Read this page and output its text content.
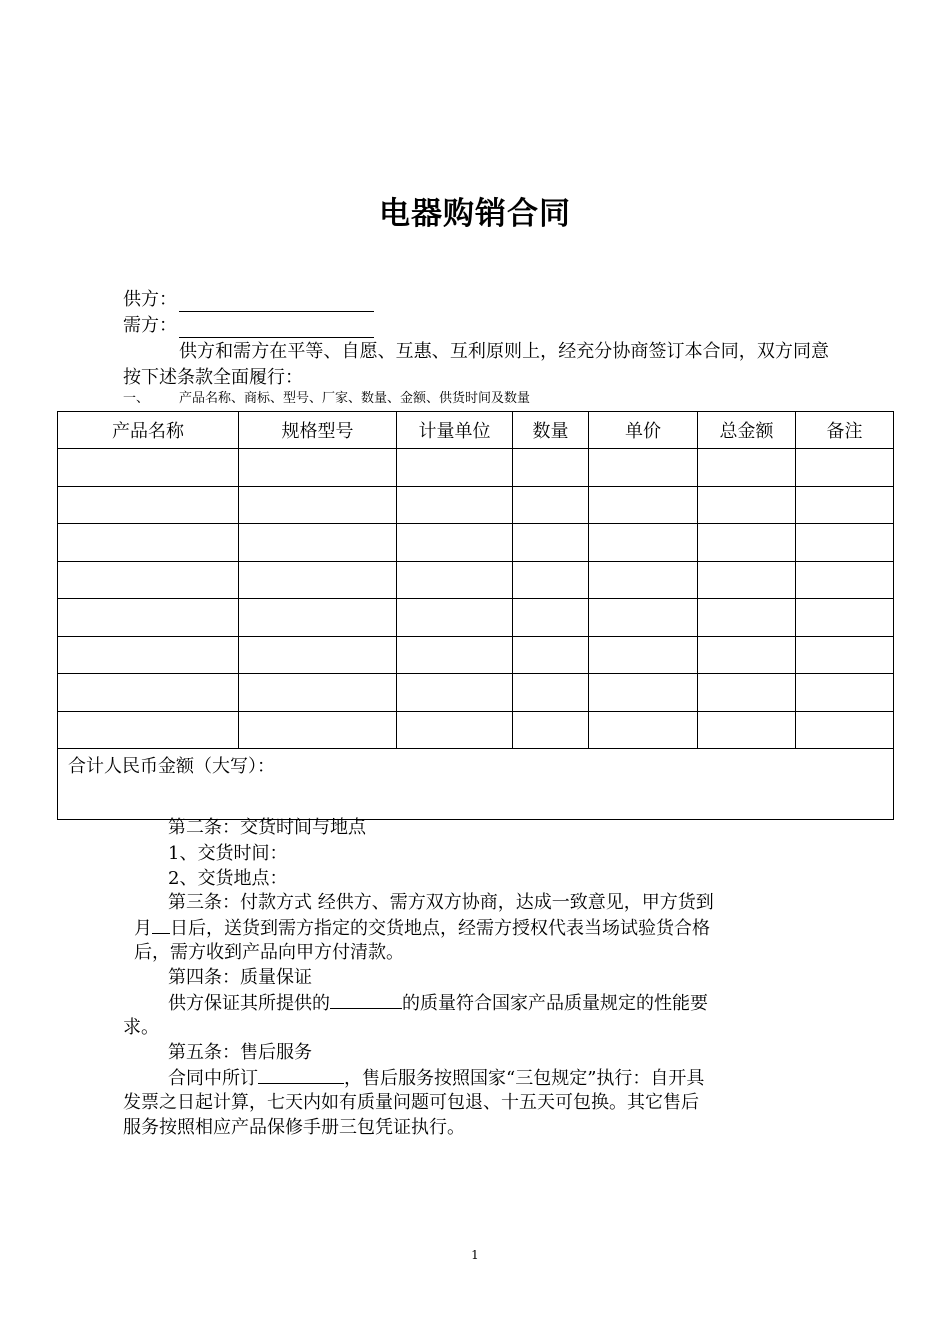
电器购销合同
供方：
需方：
供方和需方在平等、自愿、互惠、互利原则上，经充分协商签订本合同，双方同意按下述条款全面履行：
一、 产品名称、商标、型号、厂家、数量、金额、供货时间及数量
产品名称	规格型号	计量单位	数量	单价	总金额	备注

合计人民币金额（大写）：						
第二条：交货时间与地点
1、交货时间：
2、交货地点：
第三条：付款方式 经供方、需方双方协商，达成一致意见，甲方货到
月 日后，送货到需方指定的交货地点，经需方授权代表当场试验货合格
后，需方收到产品向甲方付清款。
第四条：质量保证
供方保证其所提供的	的质量符合国家产品质量规定的性能要
求。
第五条：售后服务
合同中所订	，售后服务按照国家“三包规定”执行：自开具
发票之日起计算，七天内如有质量问题可包退、十五天可包换。其它售后
服务按照相应产品保修手册三包凭证执行。
1
